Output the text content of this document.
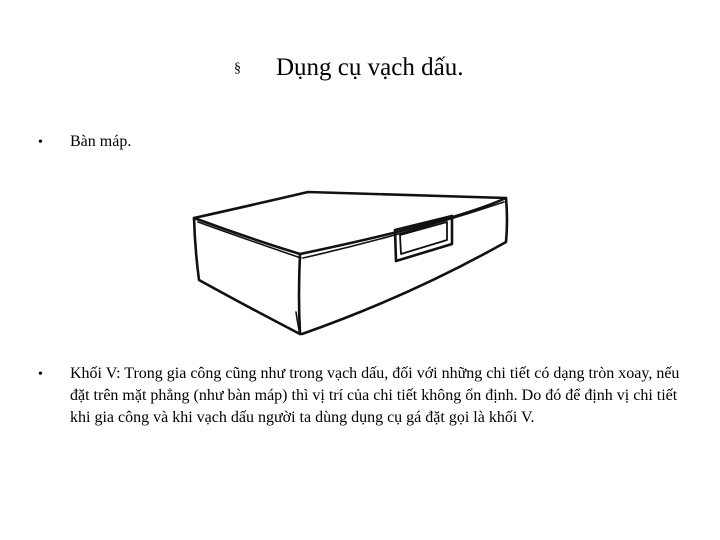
§ Dụng cụ vạch dấu.
• Bàn máp.
• Khối V: Trong gia công cũng như trong vạch dấu, đối với những chi tiết có dạng tròn xoay, nếu đặt trên mặt phẳng (như bàn máp) thì vị trí của chi tiết không ổn định. Do đó để định vị chi tiết khi gia công và khi vạch dấu người ta dùng dụng cụ gá đặt gọi là khối V.
